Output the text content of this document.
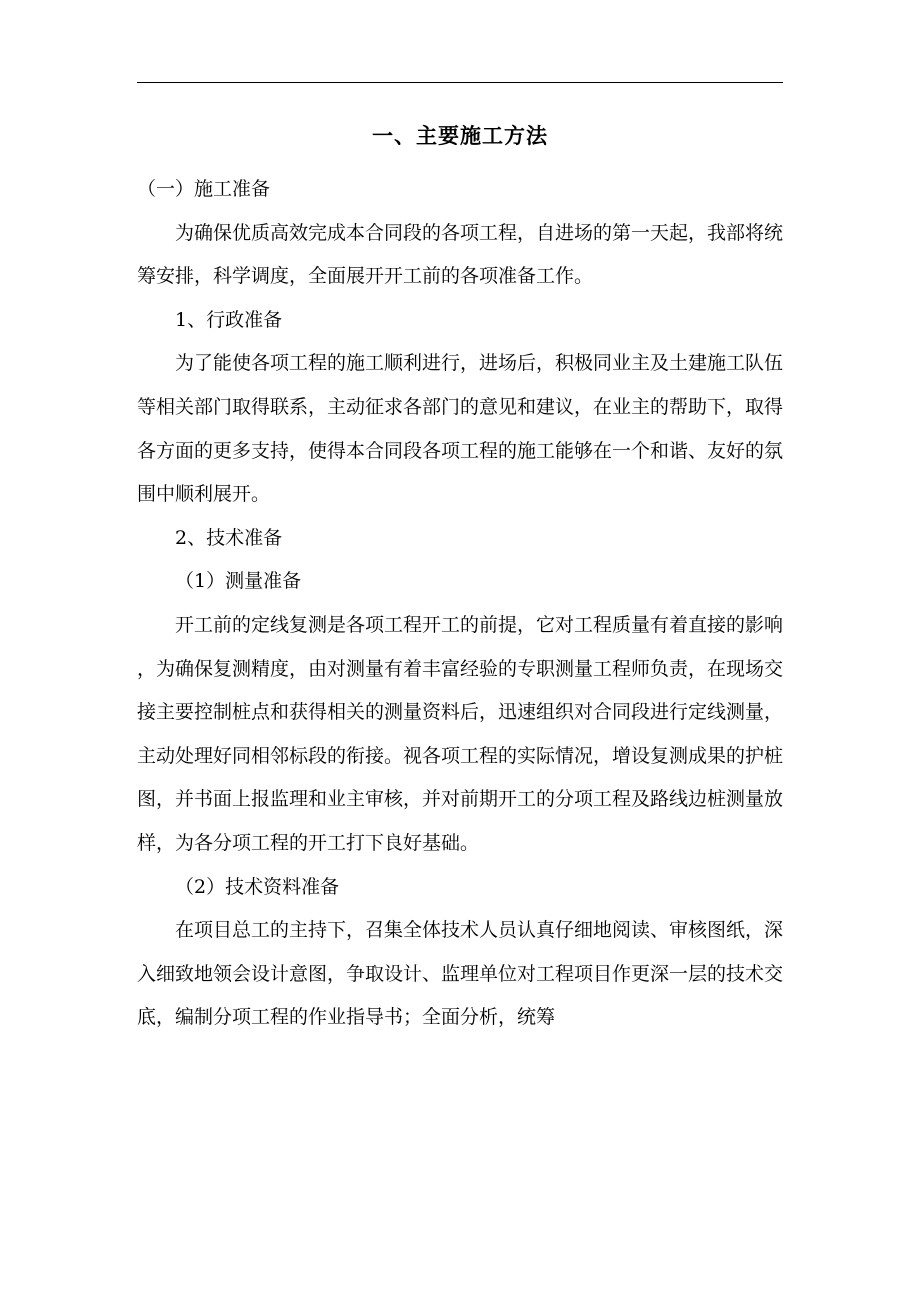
一、主要施工方法

（一）施工准备

为确保优质高效完成本合同段的各项工程，自进场的第一天起，我部将统筹安排，科学调度，全面展开开工前的各项准备工作。

1、行政准备

为了能使各项工程的施工顺利进行，进场后，积极同业主及土建施工队伍等相关部门取得联系，主动征求各部门的意见和建议，在业主的帮助下，取得各方面的更多支持，使得本合同段各项工程的施工能够在一个和谐、友好的氛围中顺利展开。

2、技术准备

（1）测量准备

开工前的定线复测是各项工程开工的前提，它对工程质量有着直接的影响，为确保复测精度，由对测量有着丰富经验的专职测量工程师负责，在现场交接主要控制桩点和获得相关的测量资料后，迅速组织对合同段进行定线测量，主动处理好同相邻标段的衔接。视各项工程的实际情况，增设复测成果的护桩图，并书面上报监理和业主审核，并对前期开工的分项工程及路线边桩测量放样，为各分项工程的开工打下良好基础。

（2）技术资料准备

在项目总工的主持下，召集全体技术人员认真仔细地阅读、审核图纸，深入细致地领会设计意图，争取设计、监理单位对工程项目作更深一层的技术交底，编制分项工程的作业指导书；全面分析，统筹
